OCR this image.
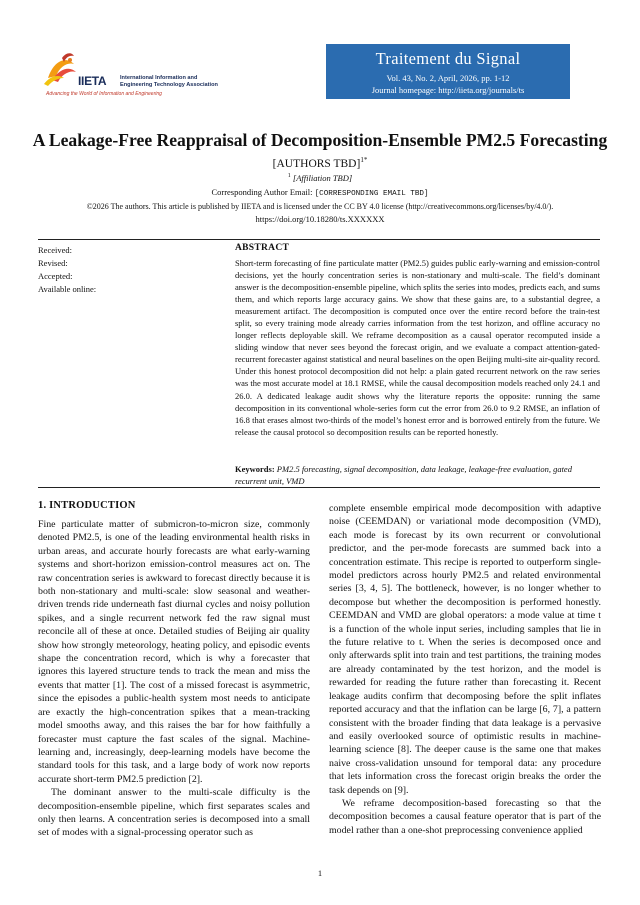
Traitement du Signal
Vol. 43, No. 2, April, 2026, pp. 1-12
Journal homepage: http://iieta.org/journals/ts
IIETA International Information and
Engineering Technology Association
Advancing the World of Information and Engineering
A Leakage-Free Reappraisal of Decomposition-Ensemble PM2.5 Forecasting
[AUTHORS TBD]$^{1*}$
$^1$ [Affiliation TBD]
Corresponding Author Email: [CORRESPONDING EMAIL TBD]
©2026 The authors. This article is published by IIETA and is licensed under the CC BY 4.0 license (http://creativecommons.org/licenses/by/4.0/).
https://doi.org/10.18280/ts.XXXXXX
Received:
Revised:
Accepted:
Available online:
ABSTRACT
Short-term forecasting of fine particulate matter (PM2.5) guides public early-warning and emission-control decisions, yet the hourly concentration series is non-stationary and multi-scale. The field’s dominant answer is the decomposition-ensemble pipeline, which splits the series into modes, predicts each, and sums them, and which reports large accuracy gains. We show that these gains are, to a substantial degree, a measurement artifact. The decomposition is computed once over the entire record before the train-test split, so every training mode already carries information from the test horizon, and offline accuracy no longer reflects deployable skill. We reframe decomposition as a causal operator recomputed inside a sliding window that never sees beyond the forecast origin, and we evaluate a compact attention-gated-recurrent forecaster against statistical and neural baselines on the open Beijing multi-site air-quality record. Under this honest protocol decomposition did not help: a plain gated recurrent network on the raw series was the most accurate model at 18.1 RMSE, while the causal decomposition models reached only 24.1 and 26.0. A dedicated leakage audit shows why the literature reports the opposite: running the same decomposition in its conventional whole-series form cut the error from 26.0 to 9.2 RMSE, an inflation of 16.8 that erases almost two-thirds of the model’s honest error and is borrowed entirely from the future. We release the causal protocol so decomposition results can be reported honestly.
Keywords: PM2.5 forecasting, signal decomposition, data leakage, leakage-free evaluation, gated recurrent unit, VMD
1. INTRODUCTION

Fine particulate matter of submicron-to-micron size, commonly denoted PM2.5, is one of the leading environmental health risks in urban areas, and accurate hourly forecasts are what early-warning systems and short-horizon emission-control measures act on. The raw concentration series is awkward to forecast directly because it is both non-stationary and multi-scale: slow seasonal and weather-driven trends ride underneath fast diurnal cycles and noisy pollution spikes, and a single recurrent network fed the raw signal must reconcile all of these at once. Detailed studies of Beijing air quality show how strongly meteorology, heating policy, and episodic events shape the concentration record, which is why a forecaster that ignores this layered structure tends to track the mean and miss the events that matter [1]. The cost of a missed forecast is asymmetric, since the episodes a public-health system most needs to anticipate are exactly the high-concentration spikes that a mean-tracking model smooths away, and this raises the bar for how faithfully a forecaster must capture the fast scales of the signal. Machine-learning and, increasingly, deep-learning models have become the standard tools for this task, and a large body of work now reports accurate short-term PM2.5 prediction [2].

The dominant answer to the multi-scale difficulty is the decomposition-ensemble pipeline, which first separates scales and only then learns. A concentration series is decomposed into a small set of modes with a signal-processing operator such as

complete ensemble empirical mode decomposition with adaptive noise (CEEMDAN) or variational mode decomposition (VMD), each mode is forecast by its own recurrent or convolutional predictor, and the per-mode forecasts are summed back into a concentration estimate. This recipe is reported to outperform single-model predictors across hourly PM2.5 and related environmental series [3, 4, 5]. The bottleneck, however, is no longer whether to decompose but whether the decomposition is performed honestly. CEEMDAN and VMD are global operators: a mode value at time t is a function of the whole input series, including samples that lie in the future relative to t. When the series is decomposed once and only afterwards split into train and test partitions, the training modes are already contaminated by the test horizon, and the model is rewarded for reading the future rather than forecasting it. Recent leakage audits confirm that decomposing before the split inflates reported accuracy and that the inflation can be large [6, 7], a pattern consistent with the broader finding that data leakage is a pervasive and easily overlooked source of optimistic results in machine-learning science [8]. The deeper cause is the same one that makes naive cross-validation unsound for temporal data: any procedure that lets information cross the forecast origin breaks the order the task depends on [9].

We reframe decomposition-based forecasting so that the decomposition becomes a causal feature operator that is part of the model rather than a one-shot preprocessing convenience applied

1
